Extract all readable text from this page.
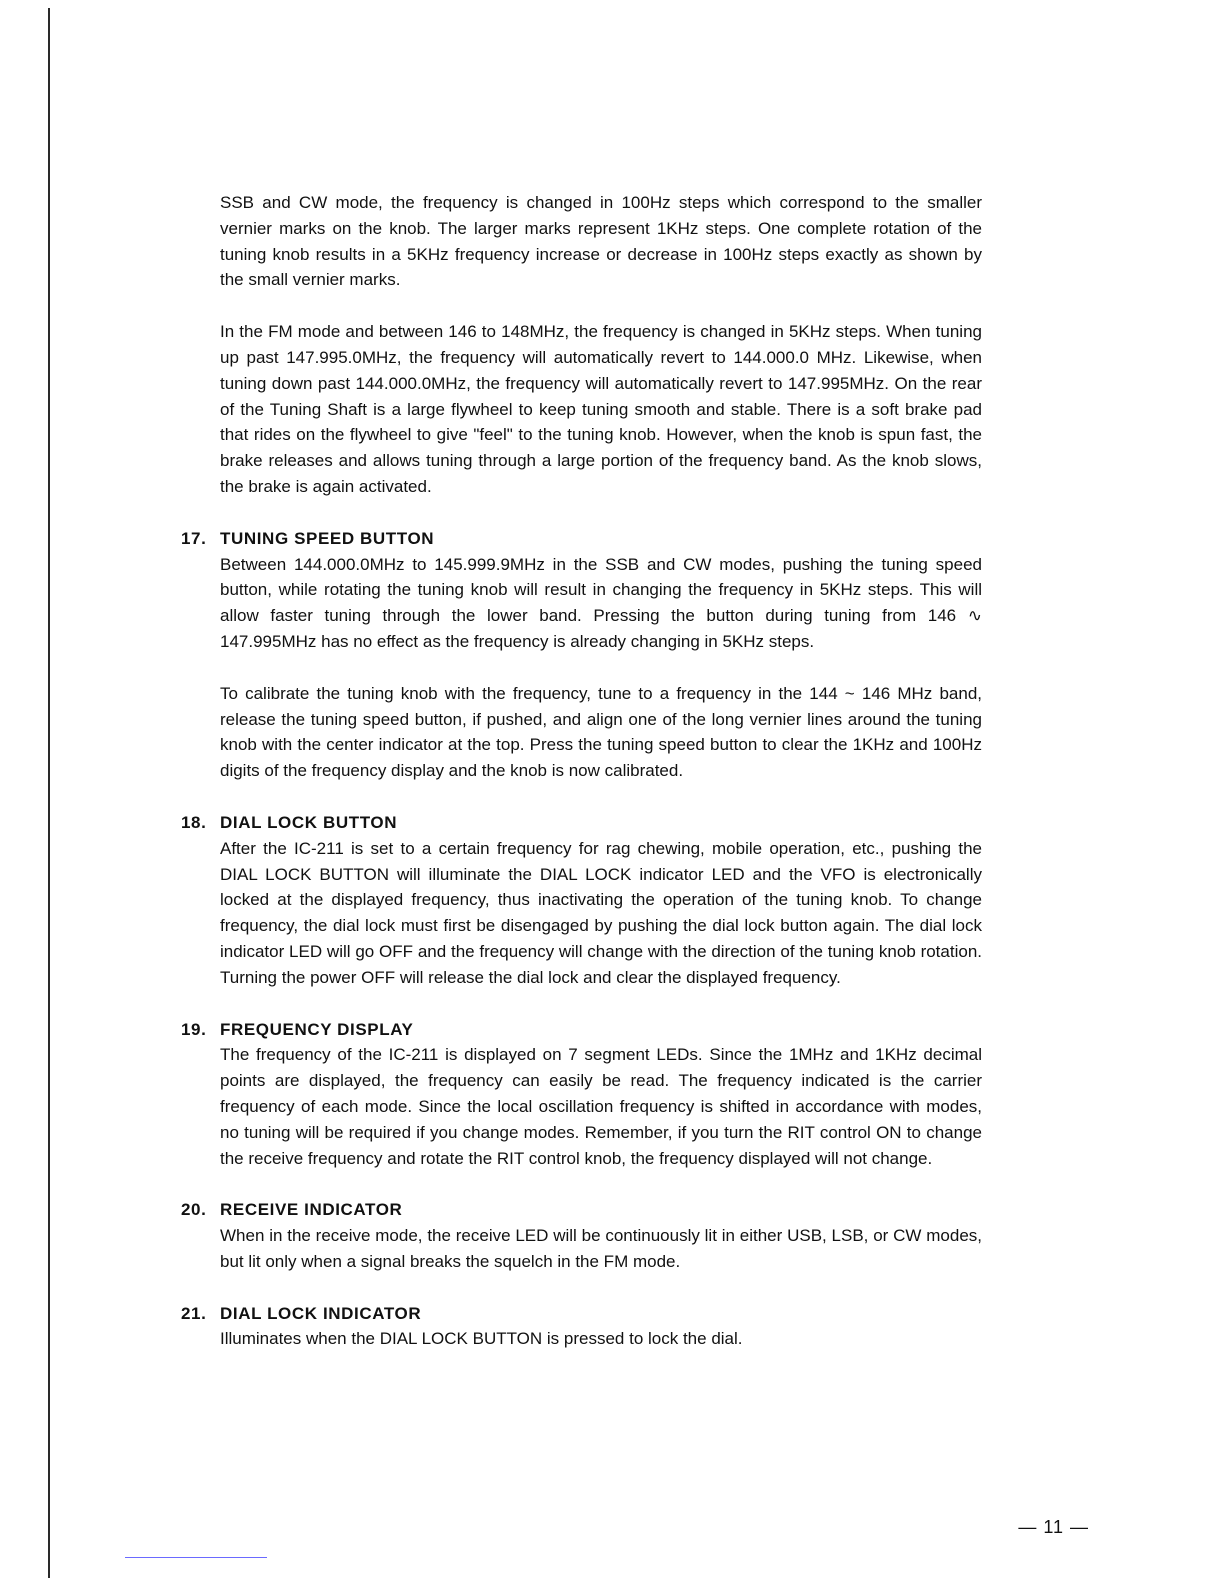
SSB and CW mode, the frequency is changed in 100Hz steps which correspond to the smaller vernier marks on the knob. The larger marks represent 1KHz steps. One complete rotation of the tuning knob results in a 5KHz frequency increase or decrease in 100Hz steps exactly as shown by the small vernier marks.

In the FM mode and between 146 to 148MHz, the frequency is changed in 5KHz steps. When tuning up past 147.995.0MHz, the frequency will automatically revert to 144.000.0 MHz. Likewise, when tuning down past 144.000.0MHz, the frequency will automatically revert to 147.995MHz. On the rear of the Tuning Shaft is a large flywheel to keep tuning smooth and stable. There is a soft brake pad that rides on the flywheel to give "feel" to the tuning knob. However, when the knob is spun fast, the brake releases and allows tuning through a large portion of the frequency band. As the knob slows, the brake is again activated.

17. TUNING SPEED BUTTON

Between 144.000.0MHz to 145.999.9MHz in the SSB and CW modes, pushing the tuning speed button, while rotating the tuning knob will result in changing the frequency in 5KHz steps. This will allow faster tuning through the lower band. Pressing the button during tuning from 146 ∿ 147.995MHz has no effect as the frequency is already changing in 5KHz steps.

To calibrate the tuning knob with the frequency, tune to a frequency in the 144 ~ 146 MHz band, release the tuning speed button, if pushed, and align one of the long vernier lines around the tuning knob with the center indicator at the top. Press the tuning speed button to clear the 1KHz and 100Hz digits of the frequency display and the knob is now calibrated.

18. DIAL LOCK BUTTON

After the IC-211 is set to a certain frequency for rag chewing, mobile operation, etc., pushing the DIAL LOCK BUTTON will illuminate the DIAL LOCK indicator LED and the VFO is electronically locked at the displayed frequency, thus inactivating the operation of the tuning knob. To change frequency, the dial lock must first be disengaged by pushing the dial lock button again. The dial lock indicator LED will go OFF and the frequency will change with the direction of the tuning knob rotation. Turning the power OFF will release the dial lock and clear the displayed frequency.

19. FREQUENCY DISPLAY

The frequency of the IC-211 is displayed on 7 segment LEDs. Since the 1MHz and 1KHz decimal points are displayed, the frequency can easily be read. The frequency indicated is the carrier frequency of each mode. Since the local oscillation frequency is shifted in accordance with modes, no tuning will be required if you change modes. Remember, if you turn the RIT control ON to change the receive frequency and rotate the RIT control knob, the frequency displayed will not change.

20. RECEIVE INDICATOR

When in the receive mode, the receive LED will be continuously lit in either USB, LSB, or CW modes, but lit only when a signal breaks the squelch in the FM mode.

21. DIAL LOCK INDICATOR

Illuminates when the DIAL LOCK BUTTON is pressed to lock the dial.

— 11 —
